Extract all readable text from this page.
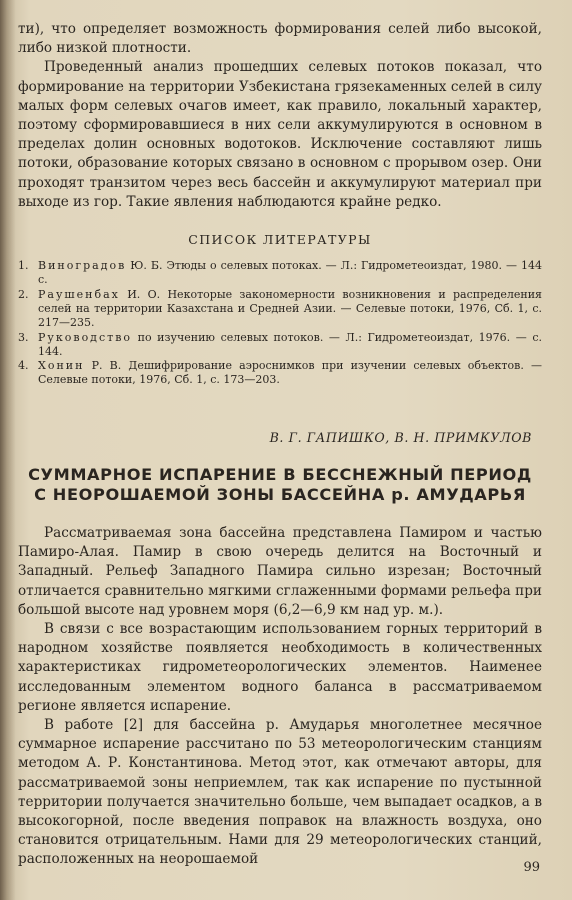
ти), что определяет возможность формирования селей либо высокой, либо низкой плотности.

Проведенный анализ прошедших селевых потоков показал, что формирование на территории Узбекистана грязекаменных селей в силу малых форм селевых очагов имеет, как правило, локальный характер, поэтому сформировавшиеся в них сели аккумулируются в основном в пределах долин основных водотоков. Исключение составляют лишь потоки, образование которых связано в основном с прорывом озер. Они проходят транзитом через весь бассейн и аккумулируют материал при выходе из гор. Такие явления наблюдаются крайне редко.

СПИСОК ЛИТЕРАТУРЫ
1. Виноградов Ю. Б. Этюды о селевых потоках. — Л.: Гидрометеоиздат, 1980. — 144 с.
2. Раушенбах И. О. Некоторые закономерности возникновения и распределения селей на территории Казахстана и Средней Азии. — Селевые потоки, 1976, Сб. 1, с. 217—235.
3. Руководство по изучению селевых потоков. — Л.: Гидрометеоиздат, 1976. — с. 144.
4. Хонин Р. В. Дешифрирование аэроснимков при изучении селевых объектов. — Селевые потоки, 1976, Сб. 1, с. 173—203.
В. Г. ГАПИШКО, В. Н. ПРИМКУЛОВ
СУММАРНОЕ ИСПАРЕНИЕ В БЕССНЕЖНЫЙ ПЕРИОД
С НЕОРОШАЕМОЙ ЗОНЫ БАССЕЙНА р. АМУДАРЬЯ

Рассматриваемая зона бассейна представлена Памиром и частью Памиро-Алая. Памир в свою очередь делится на Восточный и Западный. Рельеф Западного Памира сильно изрезан; Восточный отличается сравнительно мягкими сглаженными формами рельефа при большой высоте над уровнем моря (6,2—6,9 км над ур. м.).

В связи с все возрастающим использованием горных территорий в народном хозяйстве появляется необходимость в количественных характеристиках гидрометеорологических элементов. Наименее исследованным элементом водного баланса в рассматриваемом регионе является испарение.

В работе [2] для бассейна р. Амударья многолетнее месячное суммарное испарение рассчитано по 53 метеорологическим станциям методом А. Р. Константинова. Метод этот, как отмечают авторы, для рассматриваемой зоны неприемлем, так как испарение по пустынной территории получается значительно больше, чем выпадает осадков, а в высокогорной, после введения поправок на влажность воздуха, оно становится отрицательным. Нами для 29 метеорологических станций, расположенных на неорошаемой

99
